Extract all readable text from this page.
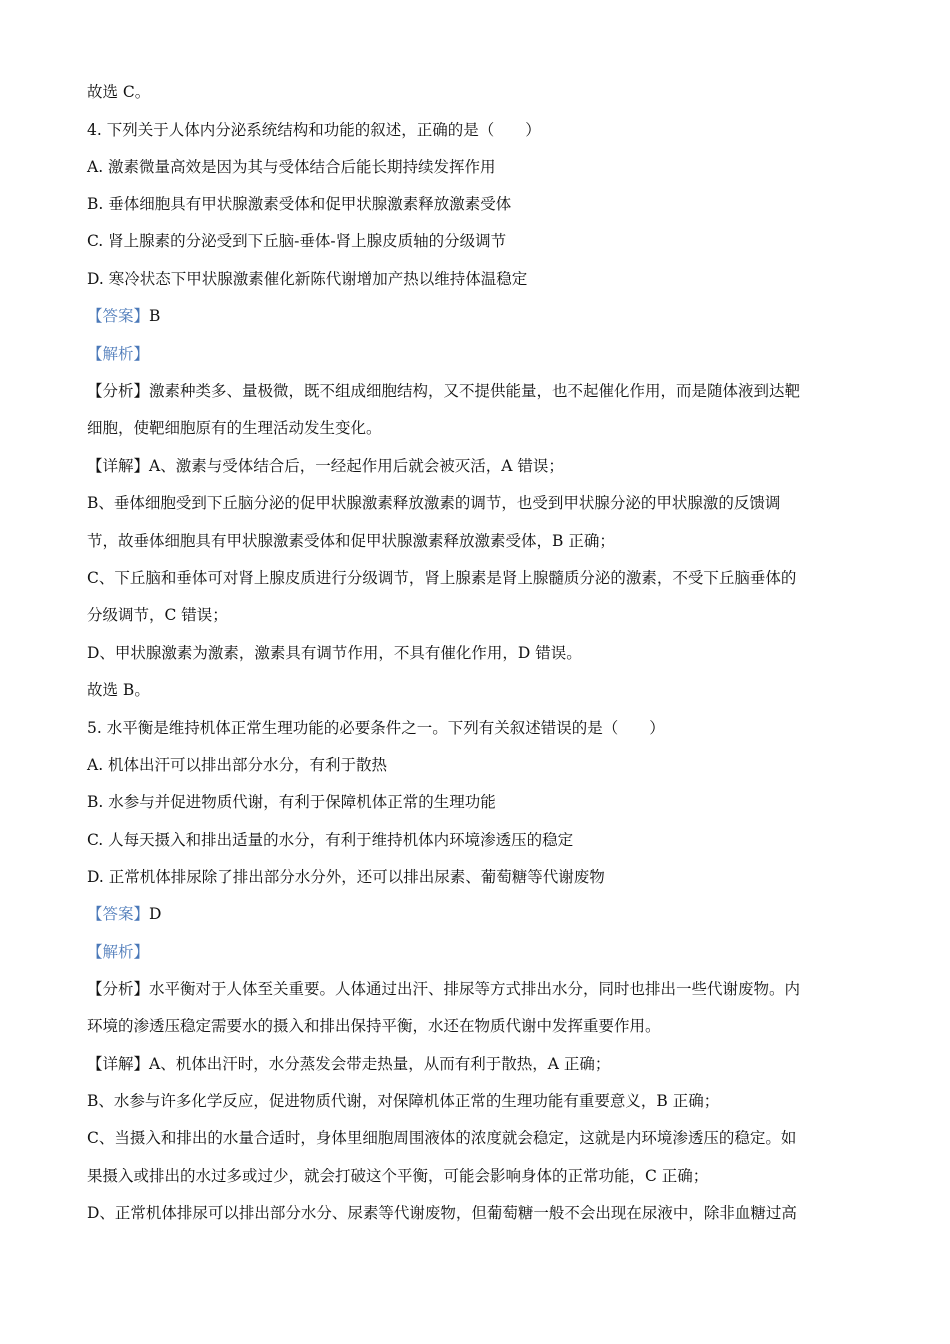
故选 C。
4. 下列关于人体内分泌系统结构和功能的叙述，正确的是（　　）
A. 激素微量高效是因为其与受体结合后能长期持续发挥作用
B. 垂体细胞具有甲状腺激素受体和促甲状腺激素释放激素受体
C. 肾上腺素的分泌受到下丘脑-垂体-肾上腺皮质轴的分级调节
D. 寒冷状态下甲状腺激素催化新陈代谢增加产热以维持体温稳定
【答案】B
【解析】
【分析】激素种类多、量极微，既不组成细胞结构，又不提供能量，也不起催化作用，而是随体液到达靶
细胞，使靶细胞原有的生理活动发生变化。
【详解】A、激素与受体结合后，一经起作用后就会被灭活，A 错误；
B、垂体细胞受到下丘脑分泌的促甲状腺激素释放激素的调节，也受到甲状腺分泌的甲状腺激的反馈调
节，故垂体细胞具有甲状腺激素受体和促甲状腺激素释放激素受体，B 正确；
C、下丘脑和垂体可对肾上腺皮质进行分级调节，肾上腺素是肾上腺髓质分泌的激素，不受下丘脑垂体的
分级调节，C 错误；
D、甲状腺激素为激素，激素具有调节作用，不具有催化作用，D 错误。
故选 B。
5. 水平衡是维持机体正常生理功能的必要条件之一。下列有关叙述错误的是（　　）
A. 机体出汗可以排出部分水分，有利于散热
B. 水参与并促进物质代谢，有利于保障机体正常的生理功能
C. 人每天摄入和排出适量的水分，有利于维持机体内环境渗透压的稳定
D. 正常机体排尿除了排出部分水分外，还可以排出尿素、葡萄糖等代谢废物
【答案】D
【解析】
【分析】水平衡对于人体至关重要。人体通过出汗、排尿等方式排出水分，同时也排出一些代谢废物。内
环境的渗透压稳定需要水的摄入和排出保持平衡，水还在物质代谢中发挥重要作用。
【详解】A、机体出汗时，水分蒸发会带走热量，从而有利于散热，A 正确；
B、水参与许多化学反应，促进物质代谢，对保障机体正常的生理功能有重要意义，B 正确；
C、当摄入和排出的水量合适时，身体里细胞周围液体的浓度就会稳定，这就是内环境渗透压的稳定。如
果摄入或排出的水过多或过少，就会打破这个平衡，可能会影响身体的正常功能，C 正确；
D、正常机体排尿可以排出部分水分、尿素等代谢废物，但葡萄糖一般不会出现在尿液中，除非血糖过高
